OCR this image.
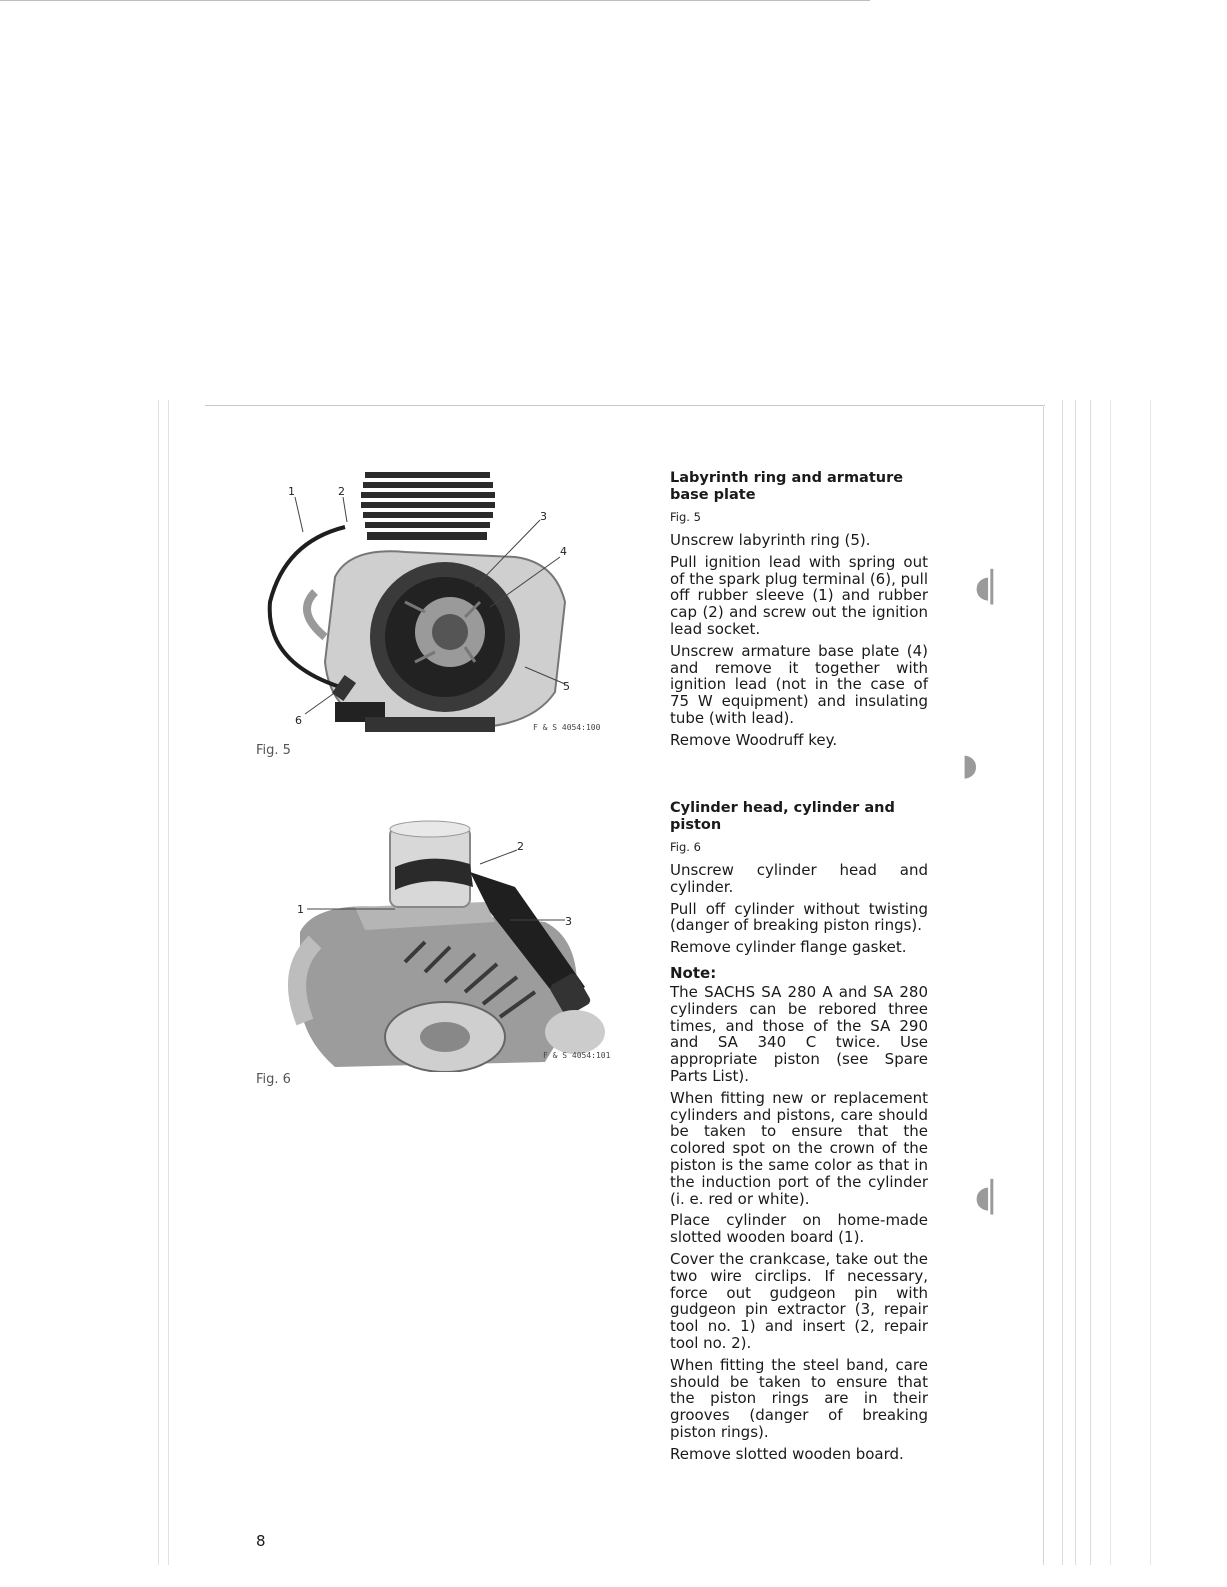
◖▏
◗
◖▏
1	2
3
4
5
6
F & S 4054:100
Fig. 5
1
2
3
F & S 4054:101
Fig. 6

Labyrinth ring and armature base plate

Fig. 5

Unscrew labyrinth ring (5).

Pull ignition lead with spring out of the spark plug terminal (6), pull off rubber sleeve (1) and rubber cap (2) and screw out the ignition lead socket.

Unscrew armature base plate (4) and remove it together with ignition lead (not in the case of 75 W equipment) and insulating tube (with lead).

Remove Woodruff key.

Cylinder head, cylinder and piston

Fig. 6

Unscrew cylinder head and cylinder.

Pull off cylinder without twisting (danger of breaking piston rings).

Remove cylinder flange gasket.

Note:

The SACHS SA 280 A and SA 280 cylinders can be rebored three times, and those of the SA 290 and SA 340 C twice. Use appropriate piston (see Spare Parts List).

When fitting new or replacement cylinders and pistons, care should be taken to ensure that the colored spot on the crown of the piston is the same color as that in the induction port of the cylinder (i. e. red or white).

Place cylinder on home-made slotted wooden board (1).

Cover the crankcase, take out the two wire circlips. If necessary, force out gudgeon pin with gudgeon pin extractor (3, repair tool no. 1) and insert (2, repair tool no. 2).

When fitting the steel band, care should be taken to ensure that the piston rings are in their grooves (danger of breaking piston rings).

Remove slotted wooden board.

8
